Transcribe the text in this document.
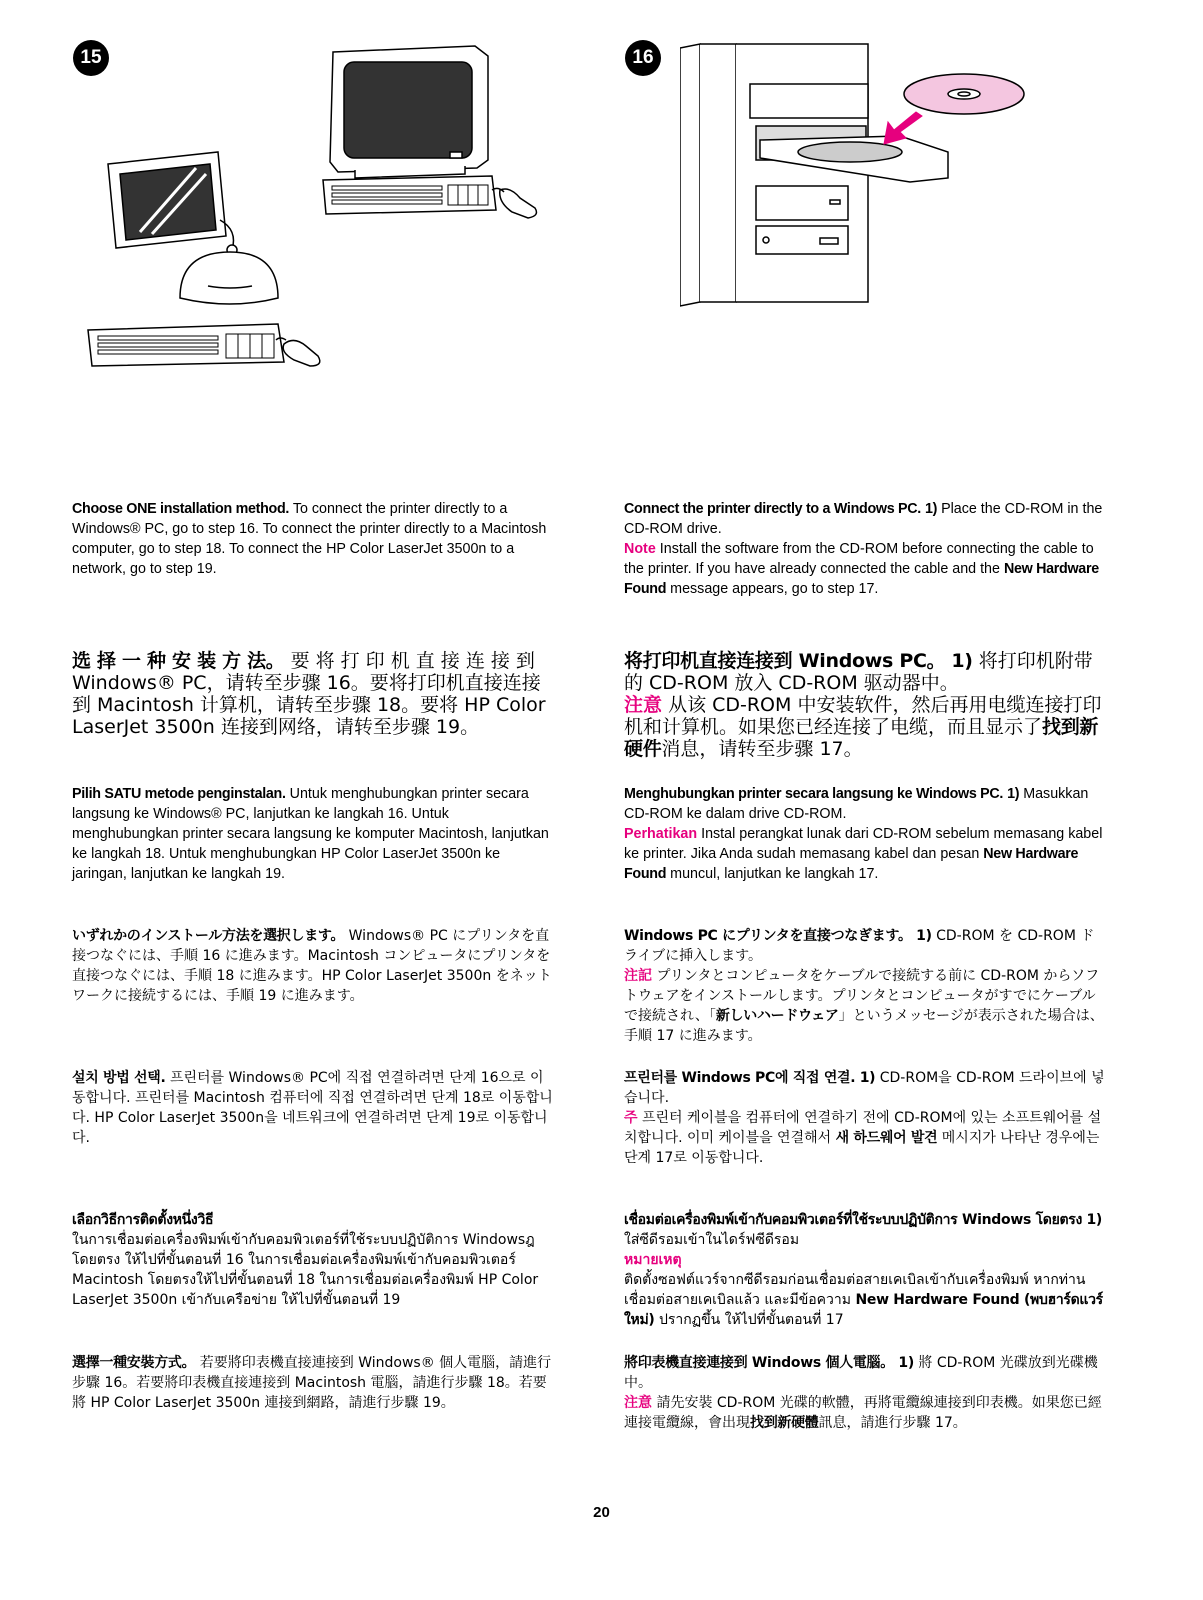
15	16
Choose ONE installation method. To connect the printer directly to a Windows® PC, go to step 16. To connect the printer directly to a Macintosh computer, go to step 18. To connect the HP Color LaserJet 3500n to a network, go to step 19.
选 择 一 种 安 装 方 法。 要 将 打 印 机 直 接 连 接 到 Windows® PC，请转至步骤 16。要将打印机直接连接到 Macintosh 计算机，请转至步骤 18。要将 HP Color LaserJet 3500n 连接到网络，请转至步骤 19。
Pilih SATU metode penginstalan. Untuk menghubungkan printer secara langsung ke Windows® PC, lanjutkan ke langkah 16. Untuk menghubungkan printer secara langsung ke komputer Macintosh, lanjutkan ke langkah 18. Untuk menghubungkan HP Color LaserJet 3500n ke jaringan, lanjutkan ke langkah 19.
いずれかのインストール方法を選択します。 Windows® PC にプリンタを直接つなぐには、手順 16 に進みます。Macintosh コンピュータにプリンタを直接つなぐには、手順 18 に進みます。HP Color LaserJet 3500n をネットワークに接続するには、手順 19 に進みます。
설치 방법 선택. 프린터를 Windows® PC에 직접 연결하려면 단계 16으로 이동합니다. 프린터를 Macintosh 컴퓨터에 직접 연결하려면 단계 18로 이동합니다. HP Color LaserJet 3500n을 네트워크에 연결하려면 단계 19로 이동합니다.
เลือกวิธีการติดตั้งหนึ่งวิธี
ในการเชื่อมต่อเครื่องพิมพ์เข้ากับคอมพิวเตอร์ที่ใช้ระบบปฏิบัติการ Windowsฎ โดยตรง ให้ไปที่ขั้นตอนที่ 16 ในการเชื่อมต่อเครื่องพิมพ์เข้ากับคอมพิวเตอร์ Macintosh โดยตรงให้ไปที่ขั้นตอนที่ 18 ในการเชื่อมต่อเครื่องพิมพ์ HP Color LaserJet 3500n เข้ากับเครือข่าย ให้ไปที่ขั้นตอนที่ 19
選擇一種安裝方式。 若要將印表機直接連接到 Windows® 個人電腦，請進行步驟 16。若要將印表機直接連接到 Macintosh 電腦，請進行步驟 18。若要將 HP Color LaserJet 3500n 連接到網路，請進行步驟 19。
Connect the printer directly to a Windows PC. 1) Place the CD-ROM in the CD-ROM drive.
Note Install the software from the CD-ROM before connecting the cable to the printer. If you have already connected the cable and the New Hardware Found message appears, go to step 17.
将打印机直接连接到 Windows PC。 1) 将打印机附带的 CD-ROM 放入 CD-ROM 驱动器中。
注意 从该 CD-ROM 中安装软件，然后再用电缆连接打印机和计算机。如果您已经连接了电缆，而且显示了找到新硬件消息，请转至步骤 17。
Menghubungkan printer secara langsung ke Windows PC. 1) Masukkan CD-ROM ke dalam drive CD-ROM.
Perhatikan Instal perangkat lunak dari CD-ROM sebelum memasang kabel ke printer. Jika Anda sudah memasang kabel dan pesan New Hardware Found muncul, lanjutkan ke langkah 17.
Windows PC にプリンタを直接つなぎます。 1) CD-ROM を CD-ROM ドライブに挿入します。
注記 プリンタとコンピュータをケーブルで接続する前に CD-ROM からソフトウェアをインストールします。プリンタとコンピュータがすでにケーブルで接続され、「新しいハードウェア」というメッセージが表示された場合は、手順 17 に進みます。
프린터를 Windows PC에 직접 연결. 1) CD-ROM을 CD-ROM 드라이브에 넣습니다.
주 프린터 케이블을 컴퓨터에 연결하기 전에 CD-ROM에 있는 소프트웨어를 설치합니다. 이미 케이블을 연결해서 새 하드웨어 발견 메시지가 나타난 경우에는 단계 17로 이동합니다.
เชื่อมต่อเครื่องพิมพ์เข้ากับคอมพิวเตอร์ที่ใช้ระบบปฏิบัติการ Windows โดยตรง 1) ใส่ซีดีรอมเข้าในไดร์ฟซีดีรอม
หมายเหตุ
ติดตั้งซอฟต์แวร์จากซีดีรอมก่อนเชื่อมต่อสายเคเบิลเข้ากับเครื่องพิมพ์ หากท่านเชื่อมต่อสายเคเบิลแล้ว และมีข้อความ New Hardware Found (พบฮาร์ดแวร์ใหม่) ปรากฏขึ้น ให้ไปที่ขั้นตอนที่ 17
將印表機直接連接到 Windows 個人電腦。 1) 將 CD-ROM 光碟放到光碟機中。
注意 請先安裝 CD-ROM 光碟的軟體，再將電纜線連接到印表機。如果您已經連接電纜線，會出現找到新硬體訊息，請進行步驟 17。
20
